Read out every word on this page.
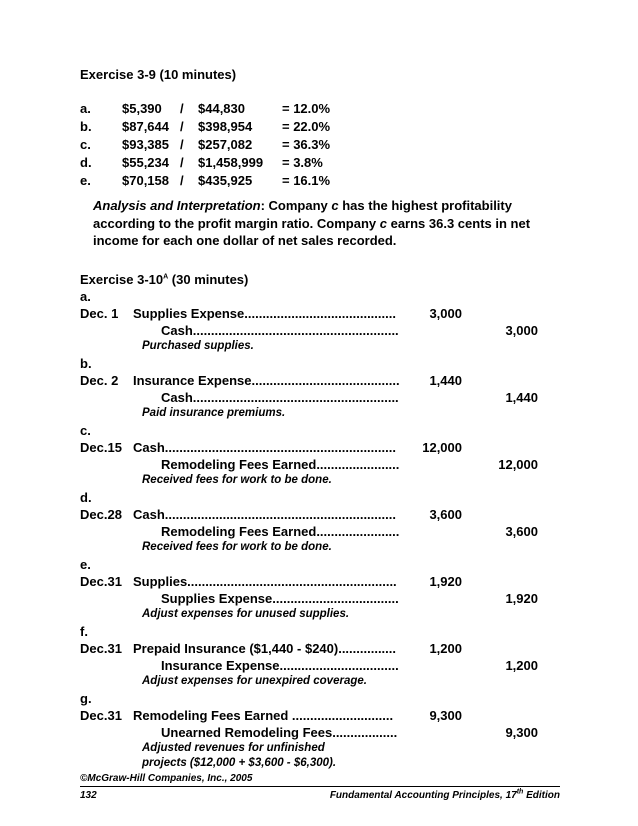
Exercise 3-9 (10 minutes)
a. $5,390 / $44,830	= 12.0%
b. $87,644 / $398,954 = 22.0%
c. $93,385 / $257,082 = 36.3%
d. $55,234 / $1,458,999 = 3.8%
e. $70,158 / $435,925 = 16.1%
Analysis and Interpretation: Company c has the highest profitability according to the profit margin ratio. Company c earns 36.3 cents in net income for each one dollar of net sales recorded.
Exercise $3-10^A$ (30 minutes)
a.
Dec. 1 Supplies Expense..........................................	3,000
Cash.........................................................	3,000
Purchased supplies.
b.
Dec. 2 Insurance Expense......................................... 1,440
Cash.........................................................	1,440
Paid insurance premiums.
c.
Dec.15 Cash................................................................ 12,000
Remodeling Fees Earned.......................	12,000
Received fees for work to be done.
d.
Dec.28 Cash................................................................	3,600
Remodeling Fees Earned.......................	3,600
Received fees for work to be done.
e.
Dec.31 Supplies..........................................................	1,920
Supplies Expense...................................	1,920
Adjust expenses for unused supplies.
f.
Dec.31 Prepaid Insurance ($1,440 - $240)................	1,200
Insurance Expense.................................	1,200
Adjust expenses for unexpired coverage.
g.
Dec.31 Remodeling Fees Earned ............................	9,300
Unearned Remodeling Fees..................	9,300
Adjusted revenues for unfinished
projects ($12,000 + $3,600 - $6,300).
©McGraw-Hill Companies, Inc., 2005
132	Fundamental Accounting Principles, 17th Edition
